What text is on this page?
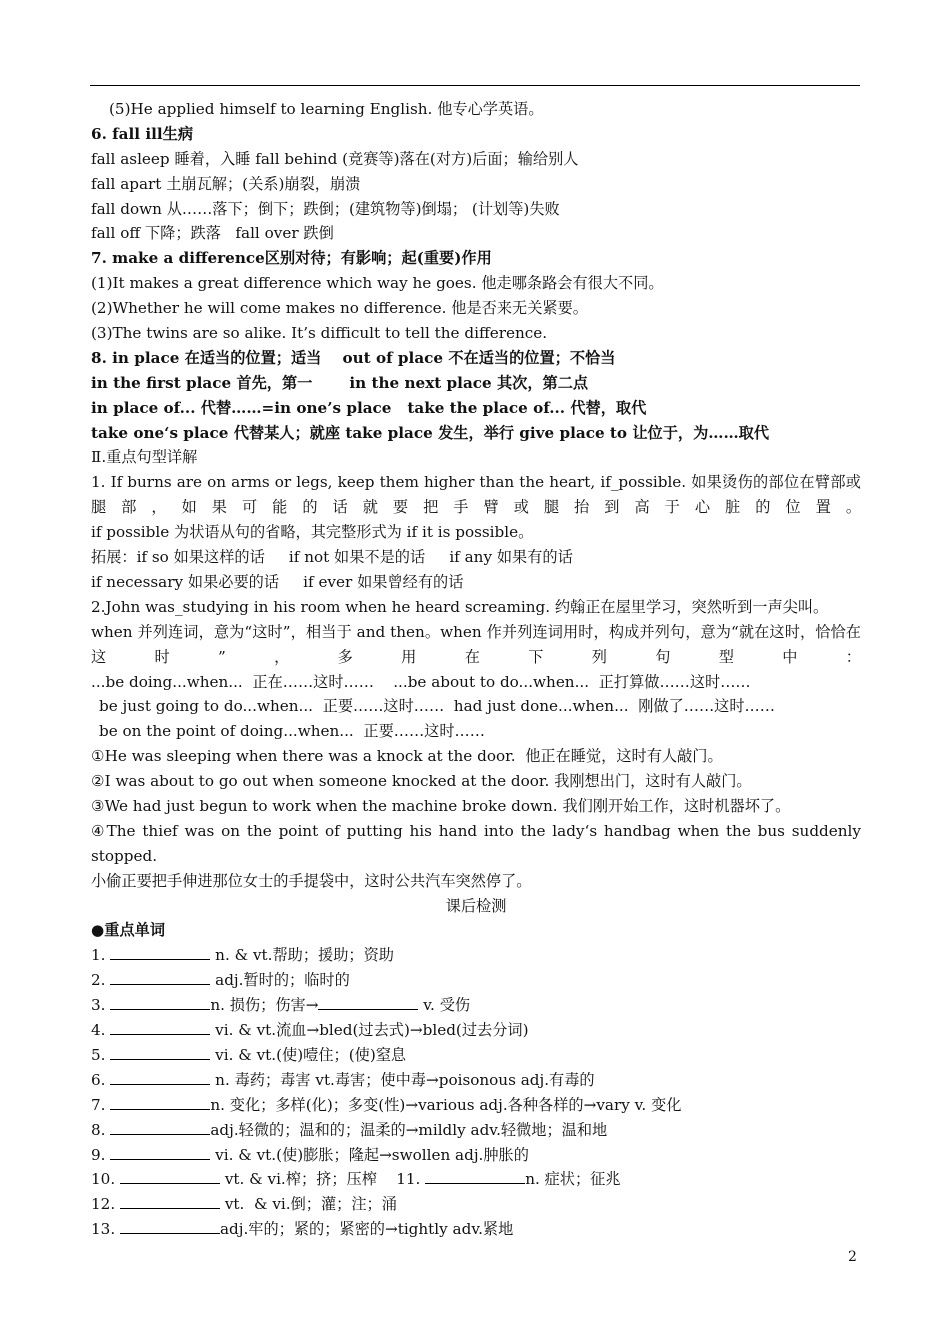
(5)He applied himself to learning English. 他专心学英语。
6. fall ill生病
fall asleep 睡着，入睡 fall behind (竞赛等)落在(对方)后面；输给别人
fall apart 土崩瓦解；(关系)崩裂，崩溃
fall down 从……落下；倒下；跌倒；(建筑物等)倒塌； (计划等)失败
fall off 下降；跌落   fall over 跌倒
7. make a difference区别对待；有影响；起(重要)作用
(1)It makes a great difference which way he goes. 他走哪条路会有很大不同。
(2)Whether he will come makes no difference. 他是否来无关紧要。
(3)The twins are so alike. It’s difficult to tell the difference.
8. in place 在适当的位置；适当    out of place 不在适当的位置；不恰当
in the first place 首先，第一       in the next place 其次，第二点
in place of... 代替……=in one’s place   take the place of... 代替，取代
take one‘s place 代替某人；就座 take place 发生，举行 give place to 让位于，为……取代
Ⅱ.重点句型详解
1. If burns are on arms or legs, keep them higher than the heart, if_possible. 如果烫伤的部位在臂部或腿部，如果可能的话就要把手臂或腿抬到高于心脏的位置。
if possible 为状语从句的省略，其完整形式为 if it is possible。
拓展：if so 如果这样的话     if not 如果不是的话     if any 如果有的话
if necessary 如果必要的话     if ever 如果曾经有的话
2.John was_studying in his room when he heard screaming. 约翰正在屋里学习，突然听到一声尖叫。
when 并列连词，意为“这时”，相当于 and then。when 作并列连词用时，构成并列句，意为“就在这时，恰恰在这时”，多用在下列句型中：
...be doing...when...  正在……这时……    ...be about to do...when...  正打算做……这时……
be just going to do...when...  正要……这时……  had just done...when...  刚做了……这时……
be on the point of doing...when...  正要……这时……
①He was sleeping when there was a knock at the door.  他正在睡觉，这时有人敲门。
②I was about to go out when someone knocked at the door. 我刚想出门，这时有人敲门。
③We had just begun to work when the machine broke down. 我们刚开始工作，这时机器坏了。
④The thief was on the point of putting his hand into the lady‘s handbag when the bus suddenly stopped.
小偷正要把手伸进那位女士的手提袋中，这时公共汽车突然停了。
课后检测
●重点单词
1.	n. & vt.帮助；援助；资助
2.	adj.暂时的；临时的
3.	n. 损伤；伤害→	v. 受伤
4.	vi. & vt.流血→bled(过去式)→bled(过去分词)
5.	vi. & vt.(使)噎住；(使)窒息
6.	n. 毒药；毒害 vt.毒害；使中毒→poisonous adj.有毒的
7.	n. 变化；多样(化)；多变(性)→various adj.各种各样的→vary v. 变化
8.	adj.轻微的；温和的；温柔的→mildly adv.轻微地；温和地
9.	vi. & vt.(使)膨胀；隆起→swollen adj.肿胀的
10.	vt. & vi.榨；挤；压榨 11.	n. 症状；征兆
12.	vt.  & vi.倒；灌；注；涌
13.	adj.牢的；紧的；紧密的→tightly adv.紧地
2
